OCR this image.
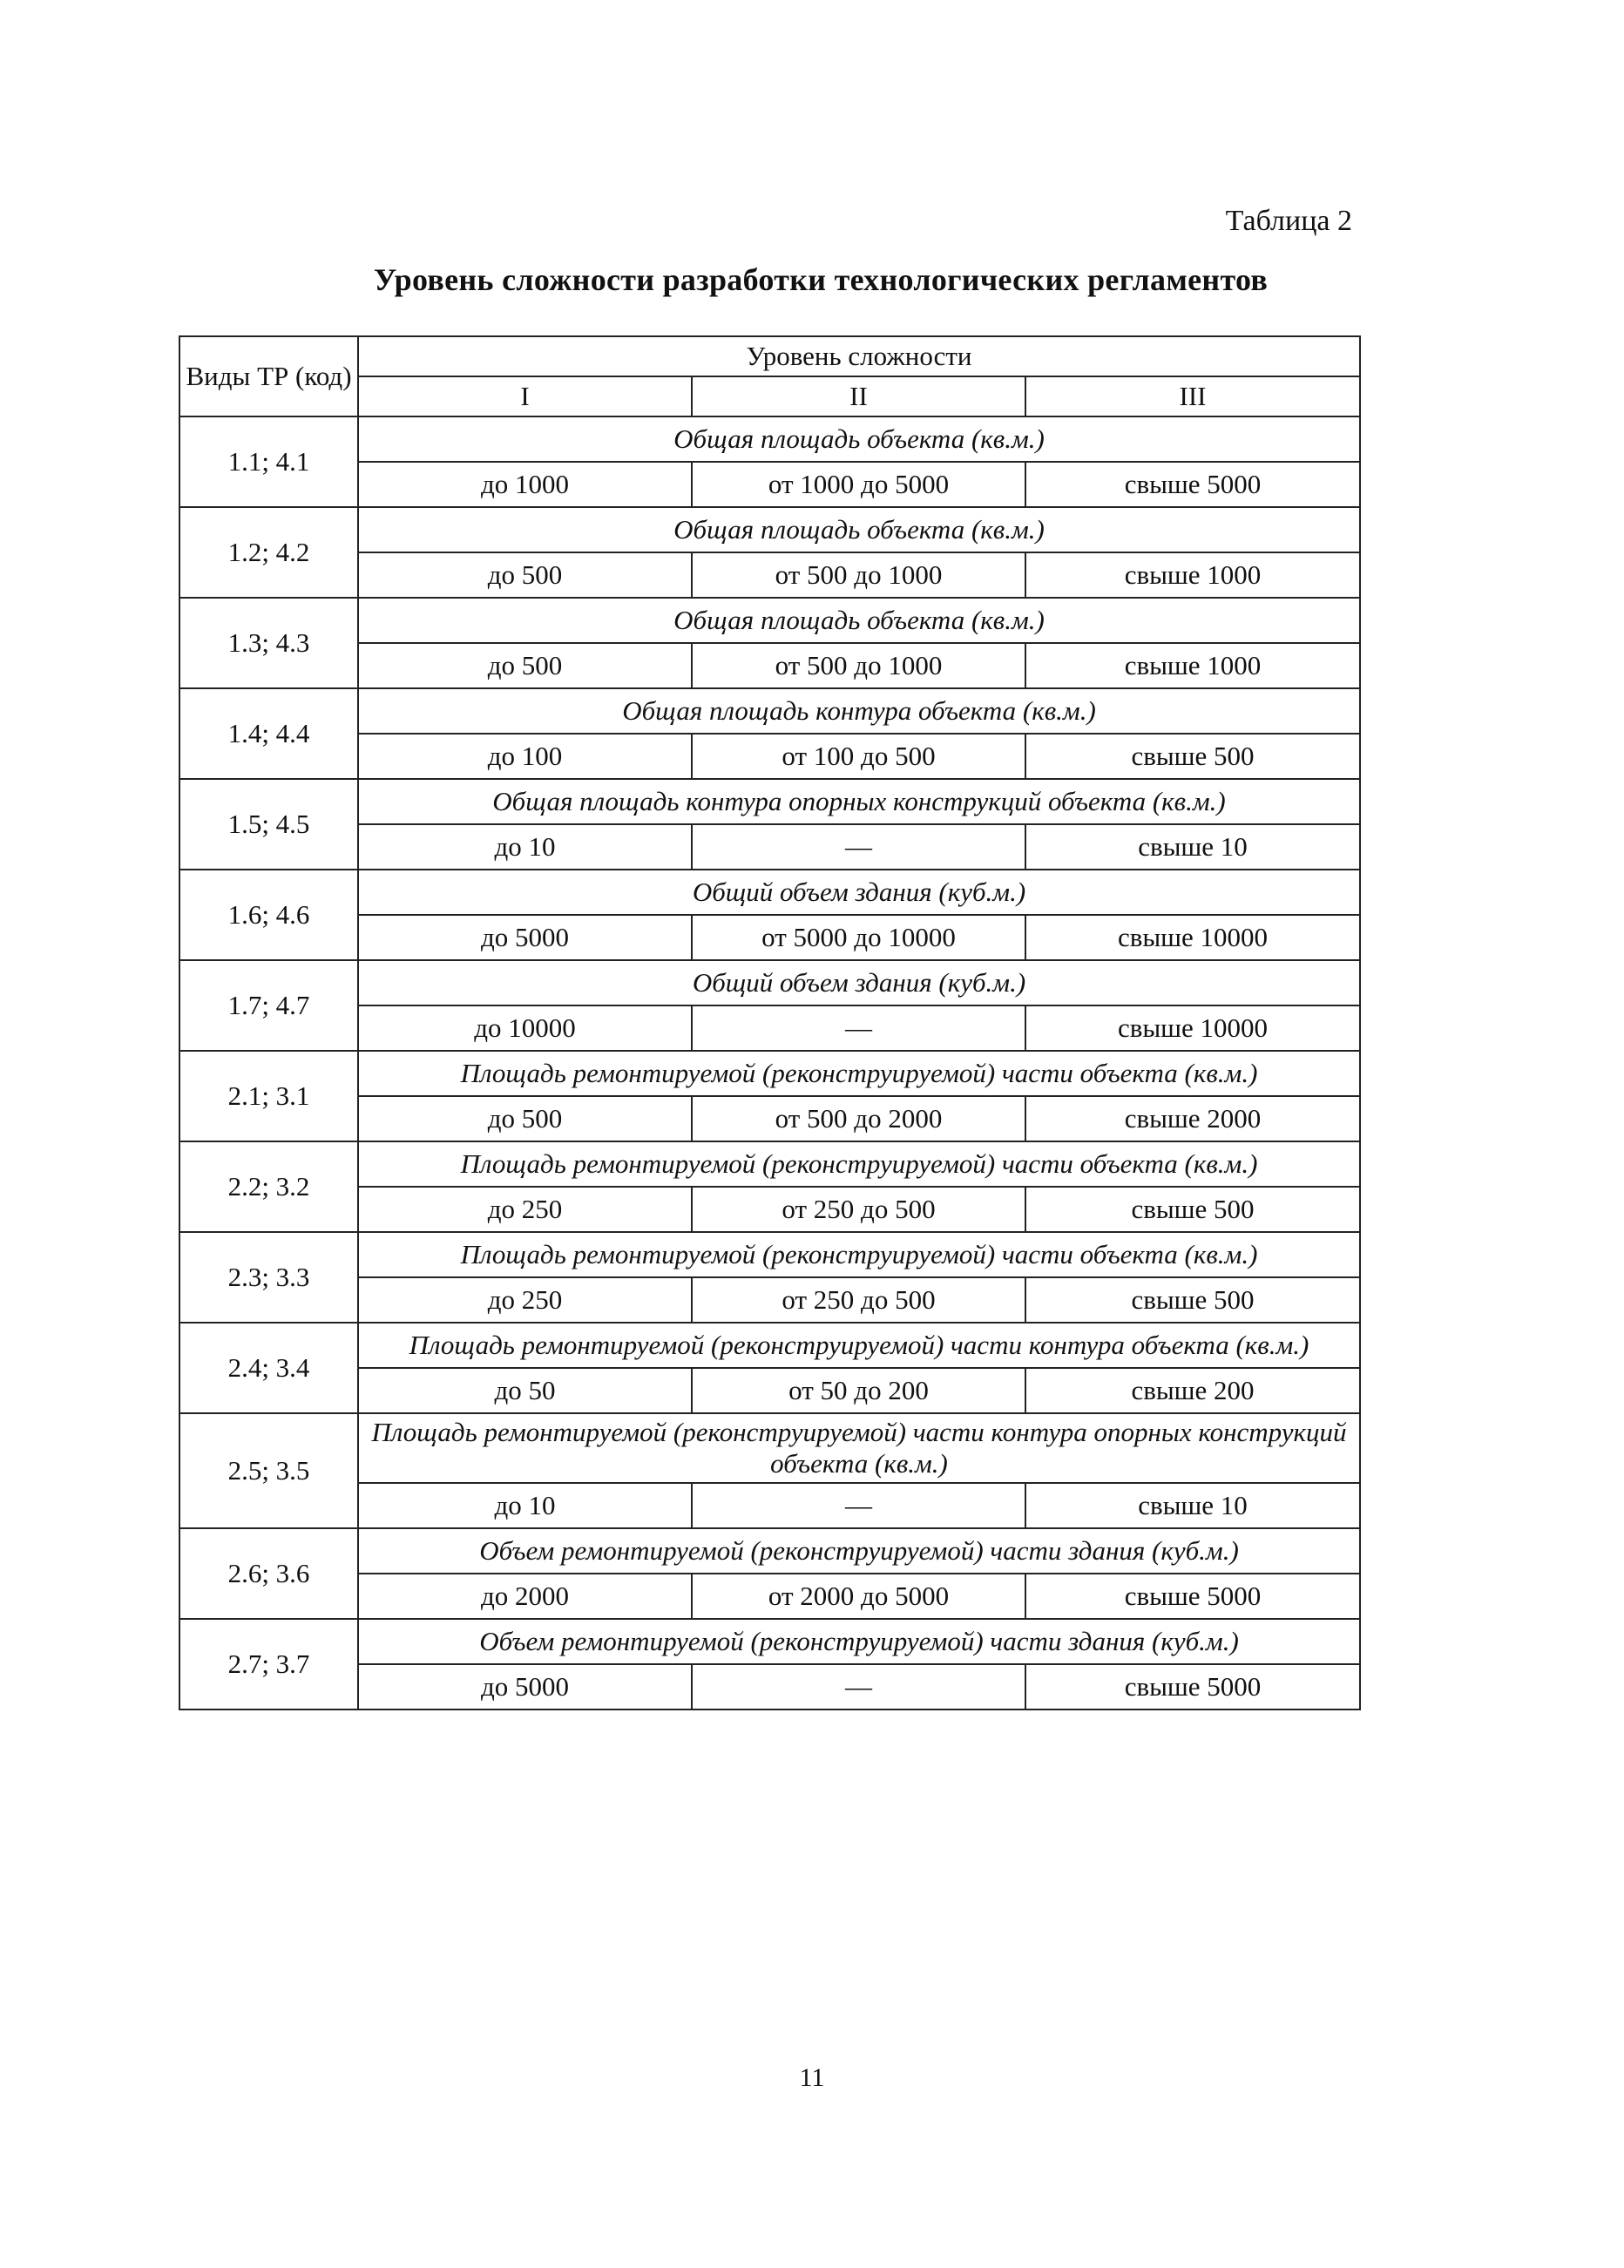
Таблица 2
Уровень сложности разработки технологических регламентов
Виды ТР (код)	Уровень сложности		
	I	II	III
1.1; 4.1	Общая площадь объекта (кв.м.)		
	до 1000	от 1000 до 5000	свыше 5000
1.2; 4.2	Общая площадь объекта (кв.м.)		
	до 500	от 500 до 1000	свыше 1000
1.3; 4.3	Общая площадь объекта (кв.м.)		
	до 500	от 500 до 1000	свыше 1000
1.4; 4.4	Общая площадь контура объекта (кв.м.)		
	до 100	от 100 до 500	свыше 500
1.5; 4.5	Общая площадь контура опорных конструкций объекта (кв.м.)		
	до 10	—	свыше 10
1.6; 4.6	Общий объем здания (куб.м.)		
	до 5000	от 5000 до 10000	свыше 10000
1.7; 4.7	Общий объем здания (куб.м.)		
	до 10000	—	свыше 10000
2.1; 3.1	Площадь ремонтируемой (реконструируемой) части объекта (кв.м.)		
	до 500	от 500 до 2000	свыше 2000
2.2; 3.2	Площадь ремонтируемой (реконструируемой) части объекта (кв.м.)		
	до 250	от 250 до 500	свыше 500
2.3; 3.3	Площадь ремонтируемой (реконструируемой) части объекта (кв.м.)		
	до 250	от 250 до 500	свыше 500
2.4; 3.4	Площадь ремонтируемой (реконструируемой) части контура объекта (кв.м.)		
	до 50	от 50 до 200	свыше 200
2.5; 3.5	Площадь ремонтируемой (реконструируемой) части контура опорных конструкций объекта (кв.м.)		
	до 10	—	свыше 10
2.6; 3.6	Объем ремонтируемой (реконструируемой) части здания (куб.м.)		
	до 2000	от 2000 до 5000	свыше 5000
2.7; 3.7	Объем ремонтируемой (реконструируемой) части здания (куб.м.)		
	до 5000	—	свыше 5000
11
